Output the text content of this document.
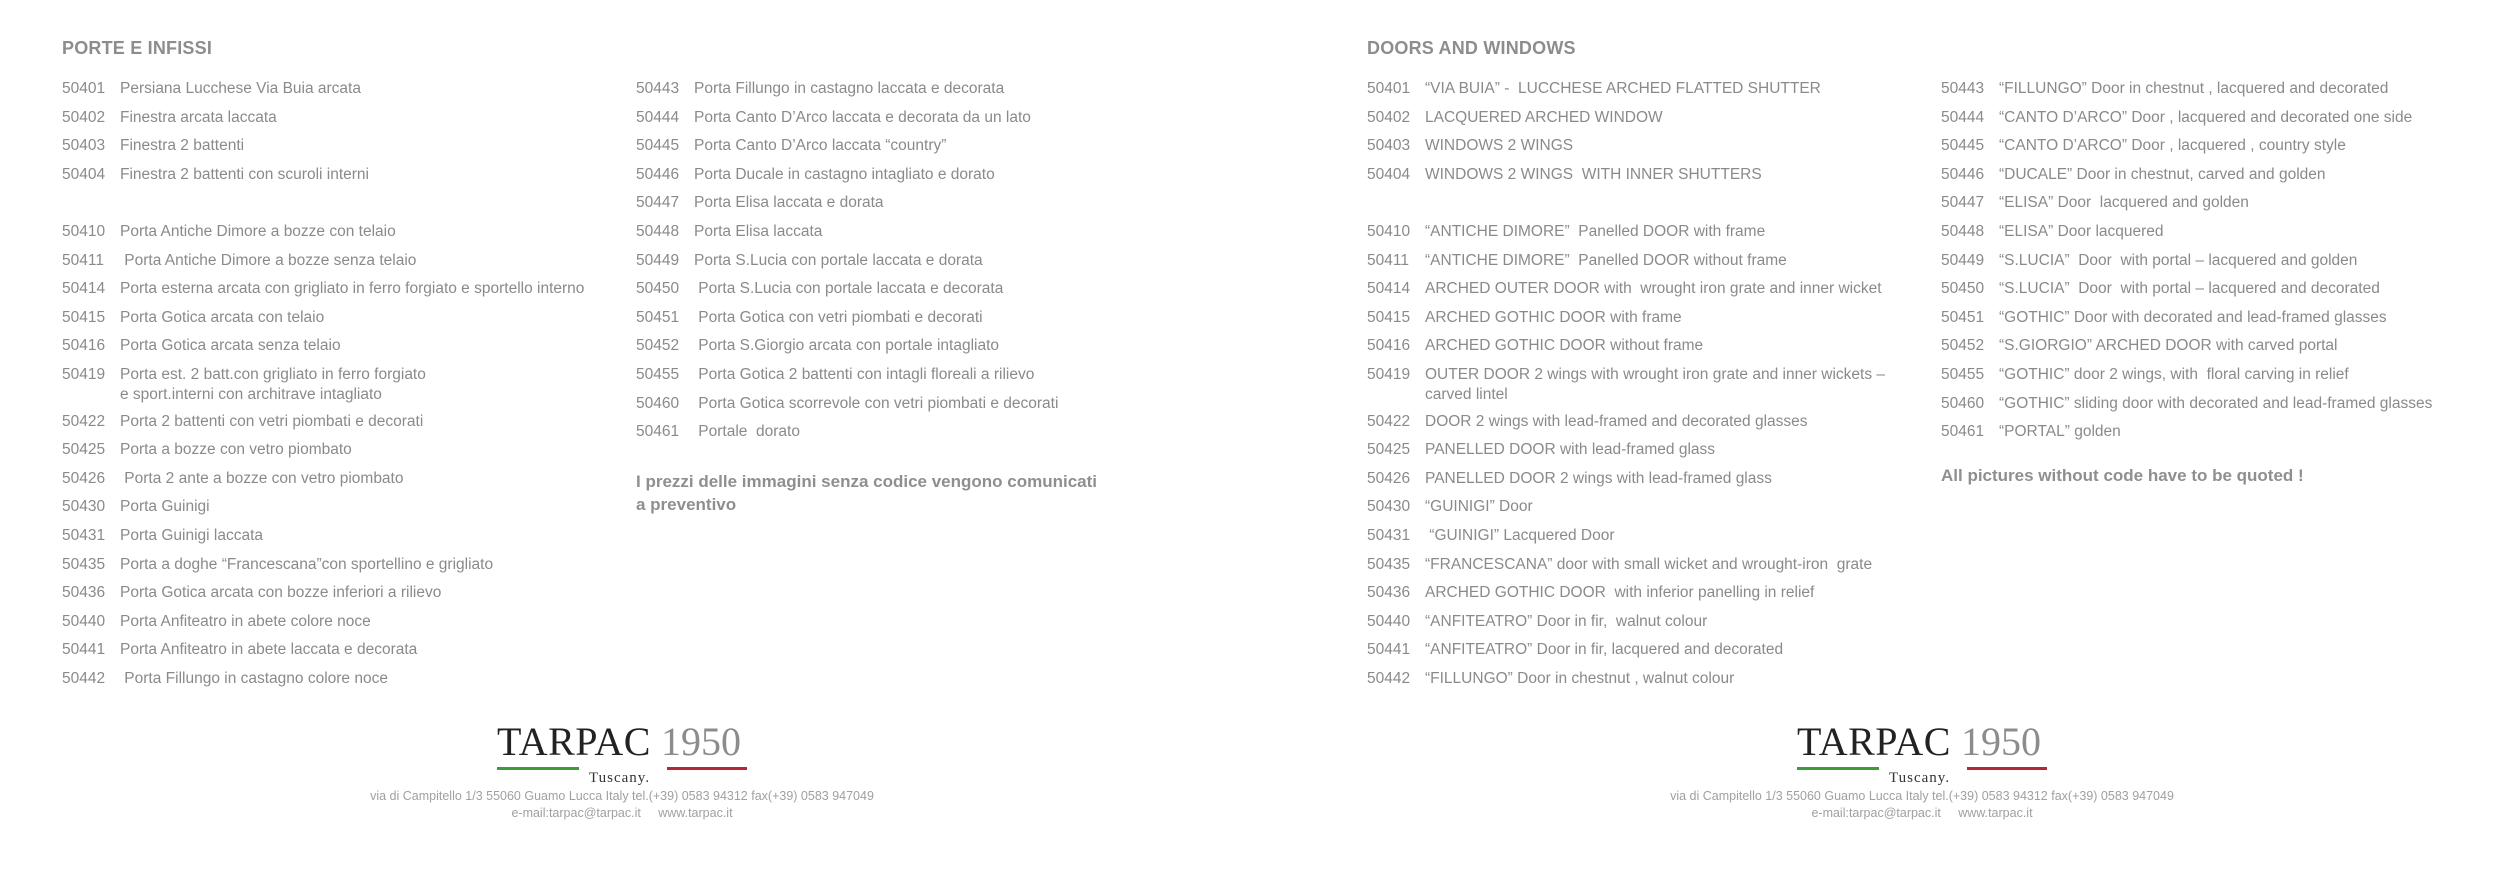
PORTE E INFISSI
50401 Persiana Lucchese Via Buia arcata
50402 Finestra arcata laccata
50403 Finestra 2 battenti
50404 Finestra 2 battenti con scuroli interni
50410 Porta Antiche Dimore a bozze con telaio
50411 Porta Antiche Dimore a bozze senza telaio
50414 Porta esterna arcata con grigliato in ferro forgiato e sportello interno
50415 Porta Gotica arcata con telaio
50416 Porta Gotica arcata senza telaio
50419 Porta est. 2 batt.con grigliato in ferro forgiato
e sport.interni con architrave intagliato
50422 Porta 2 battenti con vetri piombati e decorati
50425 Porta a bozze con vetro piombato
50426 Porta 2 ante a bozze con vetro piombato
50430 Porta Guinigi
50431 Porta Guinigi laccata
50435 Porta a doghe “Francescana”con sportellino e grigliato
50436 Porta Gotica arcata con bozze inferiori a rilievo
50440 Porta Anfiteatro in abete colore noce
50441 Porta Anfiteatro in abete laccata e decorata
50442 Porta Fillungo in castagno colore noce
50443 Porta Fillungo in castagno laccata e decorata
50444 Porta Canto D’Arco laccata e decorata da un lato
50445 Porta Canto D’Arco laccata “country”
50446 Porta Ducale in castagno intagliato e dorato
50447 Porta Elisa laccata e dorata
50448 Porta Elisa laccata
50449 Porta S.Lucia con portale laccata e dorata
50450 Porta S.Lucia con portale laccata e decorata
50451 Porta Gotica con vetri piombati e decorati
50452 Porta S.Giorgio arcata con portale intagliato
50455 Porta Gotica 2 battenti con intagli floreali a rilievo
50460 Porta Gotica scorrevole con vetri piombati e decorati
50461 Portale  dorato
I prezzi delle immagini senza codice vengono comunicati
a preventivo
TARPAC 1950
Tuscany.
via di Campitello 1/3 55060 Guamo Lucca Italy tel.(+39) 0583 94312 fax(+39) 0583 947049
e-mail:tarpac@tarpac.it     www.tarpac.it
DOORS AND WINDOWS
50401 “VIA BUIA” -  LUCCHESE ARCHED FLATTED SHUTTER
50402 LACQUERED ARCHED WINDOW
50403 WINDOWS 2 WINGS
50404 WINDOWS 2 WINGS  WITH INNER SHUTTERS
50410 “ANTICHE DIMORE”  Panelled DOOR with frame
50411 “ANTICHE DIMORE”  Panelled DOOR without frame
50414 ARCHED OUTER DOOR with  wrought iron grate and inner wicket
50415 ARCHED GOTHIC DOOR with frame
50416 ARCHED GOTHIC DOOR without frame
50419 OUTER DOOR 2 wings with wrought iron grate and inner wickets –
carved lintel
50422 DOOR 2 wings with lead-framed and decorated glasses
50425 PANELLED DOOR with lead-framed glass
50426 PANELLED DOOR 2 wings with lead-framed glass
50430 “GUINIGI” Door
50431 “GUINIGI” Lacquered Door
50435 “FRANCESCANA” door with small wicket and wrought-iron  grate
50436 ARCHED GOTHIC DOOR  with inferior panelling in relief
50440 “ANFITEATRO” Door in fir,  walnut colour
50441 “ANFITEATRO” Door in fir, lacquered and decorated
50442 “FILLUNGO” Door in chestnut , walnut colour
50443 “FILLUNGO” Door in chestnut , lacquered and decorated
50444 “CANTO D’ARCO” Door , lacquered and decorated one side
50445 “CANTO D’ARCO” Door , lacquered , country style
50446 “DUCALE” Door in chestnut, carved and golden
50447 “ELISA” Door  lacquered and golden
50448 “ELISA” Door lacquered
50449 “S.LUCIA”  Door  with portal – lacquered and golden
50450 “S.LUCIA”  Door  with portal – lacquered and decorated
50451 “GOTHIC” Door with decorated and lead-framed glasses
50452 “S.GIORGIO” ARCHED DOOR with carved portal
50455 “GOTHIC” door 2 wings, with  floral carving in relief
50460 “GOTHIC” sliding door with decorated and lead-framed glasses
50461 “PORTAL” golden
All pictures without code have to be quoted !
TARPAC 1950
Tuscany.
via di Campitello 1/3 55060 Guamo Lucca Italy tel.(+39) 0583 94312 fax(+39) 0583 947049
e-mail:tarpac@tarpac.it     www.tarpac.it
